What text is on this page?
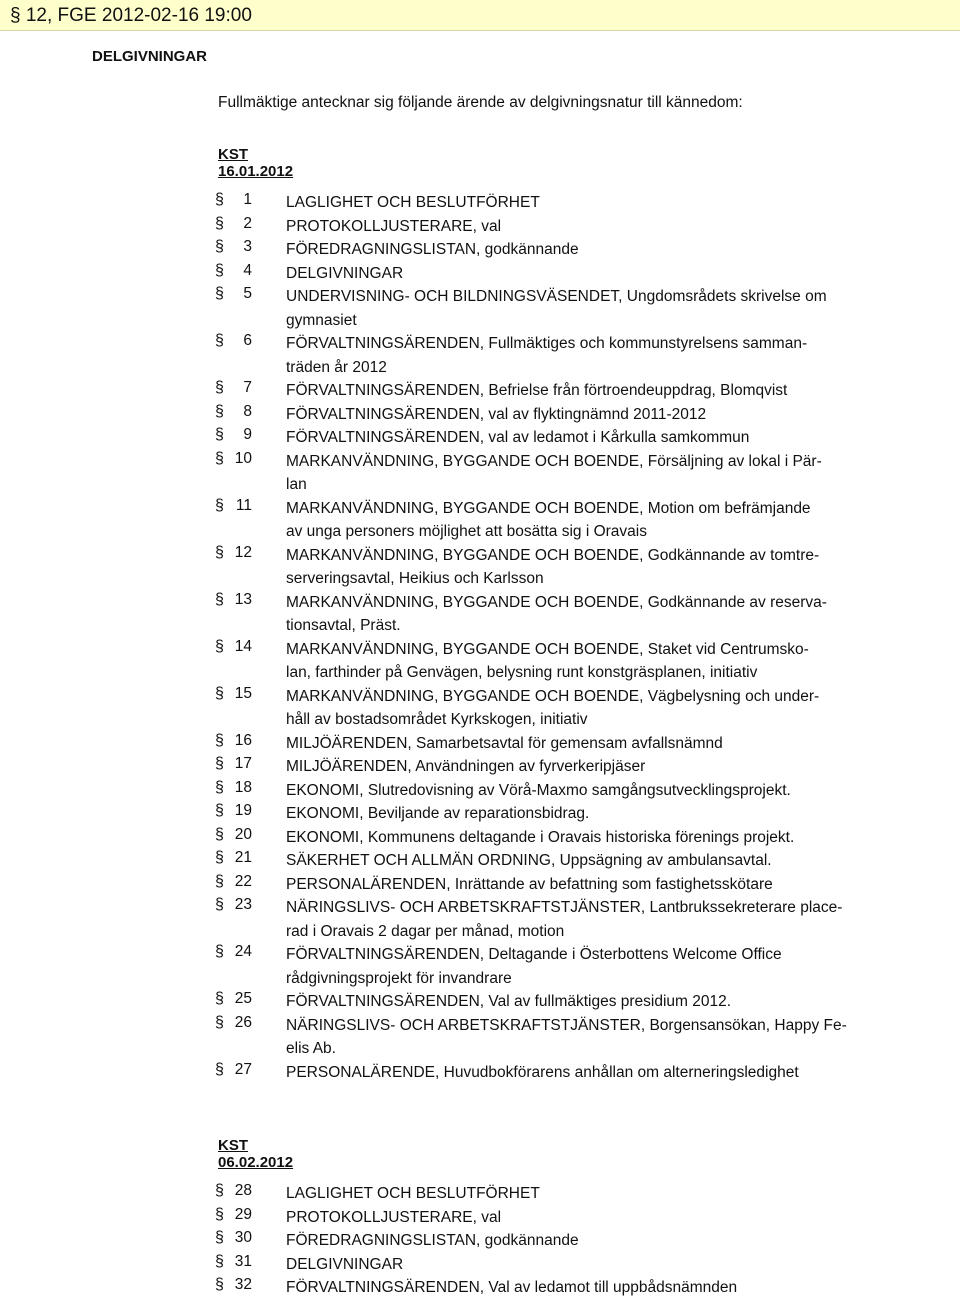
§ 12, FGE 2012-02-16 19:00
DELGIVNINGAR
Fullmäktige antecknar sig följande ärende av delgivningsnatur till kännedom:
KST 16.01.2012
§	1 LAGLIGHET OCH BESLUTFÖRHET
§	2 PROTOKOLLJUSTERARE, val
§	3 FÖREDRAGNINGSLISTAN, godkännande
§	4 DELGIVNINGAR
§	5 UNDERVISNING- OCH BILDNINGSVÄSENDET, Ungdomsrådets skrivelse om
gymnasiet
§	6 FÖRVALTNINGSÄRENDEN, Fullmäktiges och kommunstyrelsens samman-
träden år 2012
§	7 FÖRVALTNINGSÄRENDEN, Befrielse från förtroendeuppdrag, Blomqvist
§	8 FÖRVALTNINGSÄRENDEN, val av flyktingnämnd 2011-2012
§	9 FÖRVALTNINGSÄRENDEN, val av ledamot i Kårkulla samkommun
§ 10 MARKANVÄNDNING, BYGGANDE OCH BOENDE, Försäljning av lokal i Pär-
lan
§ 11 MARKANVÄNDNING, BYGGANDE OCH BOENDE, Motion om befrämjande
av unga personers möjlighet att bosätta sig i Oravais
§ 12 MARKANVÄNDNING, BYGGANDE OCH BOENDE, Godkännande av tomtre-
serveringsavtal, Heikius och Karlsson
§ 13 MARKANVÄNDNING, BYGGANDE OCH BOENDE, Godkännande av reserva-
tionsavtal, Präst.
§ 14 MARKANVÄNDNING, BYGGANDE OCH BOENDE, Staket vid Centrumsko-
lan, farthinder på Genvägen, belysning runt konstgräsplanen, initiativ
§ 15 MARKANVÄNDNING, BYGGANDE OCH BOENDE, Vägbelysning och under-
håll av bostadsområdet Kyrkskogen, initiativ
§ 16 MILJÖÄRENDEN, Samarbetsavtal för gemensam avfallsnämnd
§ 17 MILJÖÄRENDEN, Användningen av fyrverkeripjäser
§ 18 EKONOMI, Slutredovisning av Vörå-Maxmo samgångsutvecklingsprojekt.
§ 19 EKONOMI, Beviljande av reparationsbidrag.
§ 20 EKONOMI, Kommunens deltagande i Oravais historiska förenings projekt.
§ 21 SÄKERHET OCH ALLMÄN ORDNING, Uppsägning av ambulansavtal.
§ 22 PERSONALÄRENDEN, Inrättande av befattning som fastighetsskötare
§ 23 NÄRINGSLIVS- OCH ARBETSKRAFTSTJÄNSTER, Lantbrukssekreterare place-
rad i Oravais 2 dagar per månad, motion
§ 24 FÖRVALTNINGSÄRENDEN, Deltagande i Österbottens Welcome Office
rådgivningsprojekt för invandrare
§ 25 FÖRVALTNINGSÄRENDEN, Val av fullmäktiges presidium 2012.
§ 26 NÄRINGSLIVS- OCH ARBETSKRAFTSTJÄNSTER, Borgensansökan, Happy Fe-
elis Ab.
§ 27 PERSONALÄRENDE, Huvudbokförarens anhållan om alterneringsledighet
KST 06.02.2012
§ 28 LAGLIGHET OCH BESLUTFÖRHET
§ 29 PROTOKOLLJUSTERARE, val
§ 30 FÖREDRAGNINGSLISTAN, godkännande
§ 31 DELGIVNINGAR
§ 32 FÖRVALTNINGSÄRENDEN, Val av ledamot till uppbådsnämnden
